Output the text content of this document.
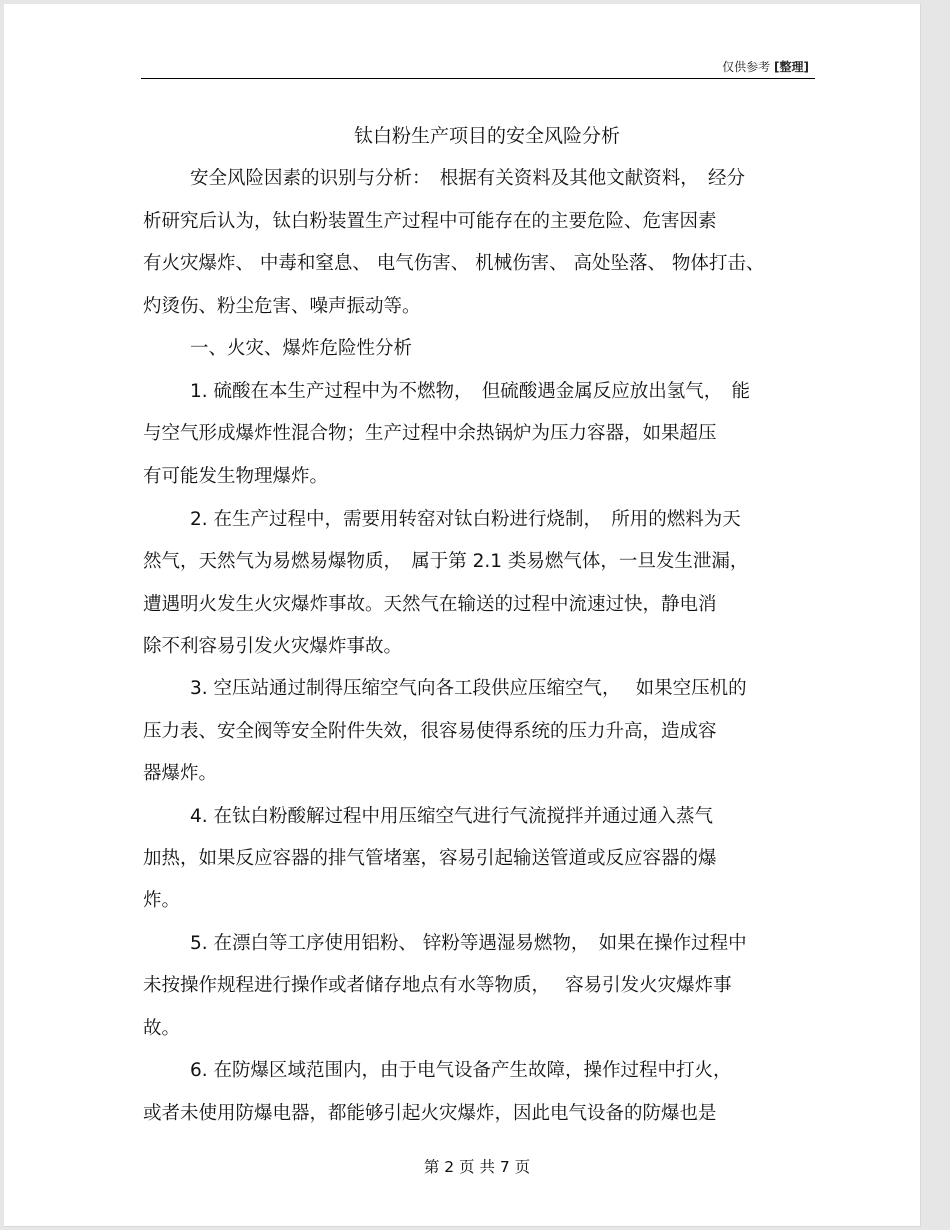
仅供参考 [整理]
钛白粉生产项目的安全风险分析
安全风险因素的识别与分析：　根据有关资料及其他文献资料，　经分
析研究后认为，钛白粉装置生产过程中可能存在的主要危险、危害因素
有火灾爆炸、 中毒和窒息、 电气伤害、 机械伤害、 高处坠落、 物体打击、
灼烫伤、粉尘危害、噪声振动等。
一、火灾、爆炸危险性分析
1. 硫酸在本生产过程中为不燃物，　但硫酸遇金属反应放出氢气，　能
与空气形成爆炸性混合物；生产过程中余热锅炉为压力容器，如果超压
有可能发生物理爆炸。
2. 在生产过程中，需要用转窑对钛白粉进行烧制，　所用的燃料为天
然气，天然气为易燃易爆物质，　属于第 2.1 类易燃气体，一旦发生泄漏，
遭遇明火发生火灾爆炸事故。天然气在输送的过程中流速过快，静电消
除不利容易引发火灾爆炸事故。
3. 空压站通过制得压缩空气向各工段供应压缩空气，　 如果空压机的
压力表、安全阀等安全附件失效，很容易使得系统的压力升高，造成容
器爆炸。
4. 在钛白粉酸解过程中用压缩空气进行气流搅拌并通过通入蒸气
加热，如果反应容器的排气管堵塞，容易引起输送管道或反应容器的爆
炸。
5. 在漂白等工序使用铝粉、 锌粉等遇湿易燃物，　如果在操作过程中
未按操作规程进行操作或者储存地点有水等物质，　 容易引发火灾爆炸事
故。
6. 在防爆区域范围内，由于电气设备产生故障，操作过程中打火，
或者未使用防爆电器，都能够引起火灾爆炸，因此电气设备的防爆也是
第 2 页 共 7 页
